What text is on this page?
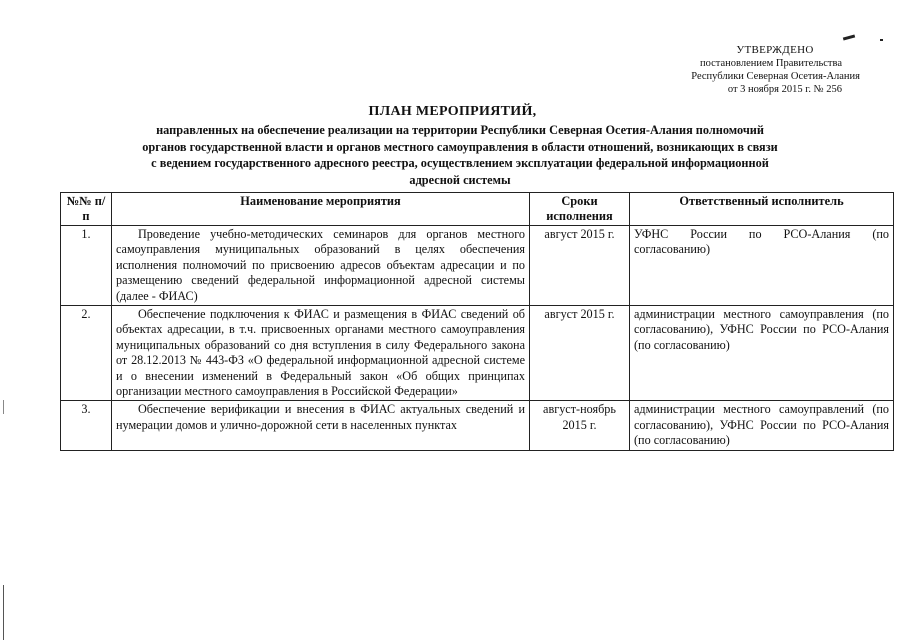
УТВЕРЖДЕНО
постановлением Правительства
Республики Северная Осетия-Алания
от 3 ноября 2015 г. № 256
ПЛАН МЕРОПРИЯТИЙ,
направленных на обеспечение реализации на территории Республики Северная Осетия-Алания полномочий
органов государственной власти и органов местного самоуправления в области отношений, возникающих в связи
с ведением государственного адресного реестра, осуществлением эксплуатации федеральной информационной
адресной системы
№№ п/п	Наименование мероприятия	Сроки исполнения	Ответственный исполнитель
1.	Проведение учебно-методических семинаров для органов местного самоуправления муниципальных образований в целях обеспечения исполнения полномочий по присвоению адресов объектам адресации и по размещению сведений федеральной информационной адресной системы (далее - ФИАС)	август 2015 г.	УФНС России по РСО-Алания (по согласованию)
2.	Обеспечение подключения к ФИАС и размещения в ФИАС сведений об объектах адресации, в т.ч. присвоенных органами местного самоуправления муниципальных образований со дня вступления в силу Федерального закона от 28.12.2013 № 443-ФЗ «О федеральной информационной адресной системе и о внесении изменений в Федеральный закон «Об общих принципах организации местного самоуправления в Российской Федерации»	август 2015 г.	администрации местного самоуправления (по согласованию), УФНС России по РСО-Алания (по согласованию)
3.	Обеспечение верификации и внесения в ФИАС актуальных сведений и нумерации домов и улично-дорожной сети в населенных пунктах	август-ноябрь 2015 г.	администрации местного самоуправлений (по согласованию), УФНС России по РСО-Алания (по согласованию)
